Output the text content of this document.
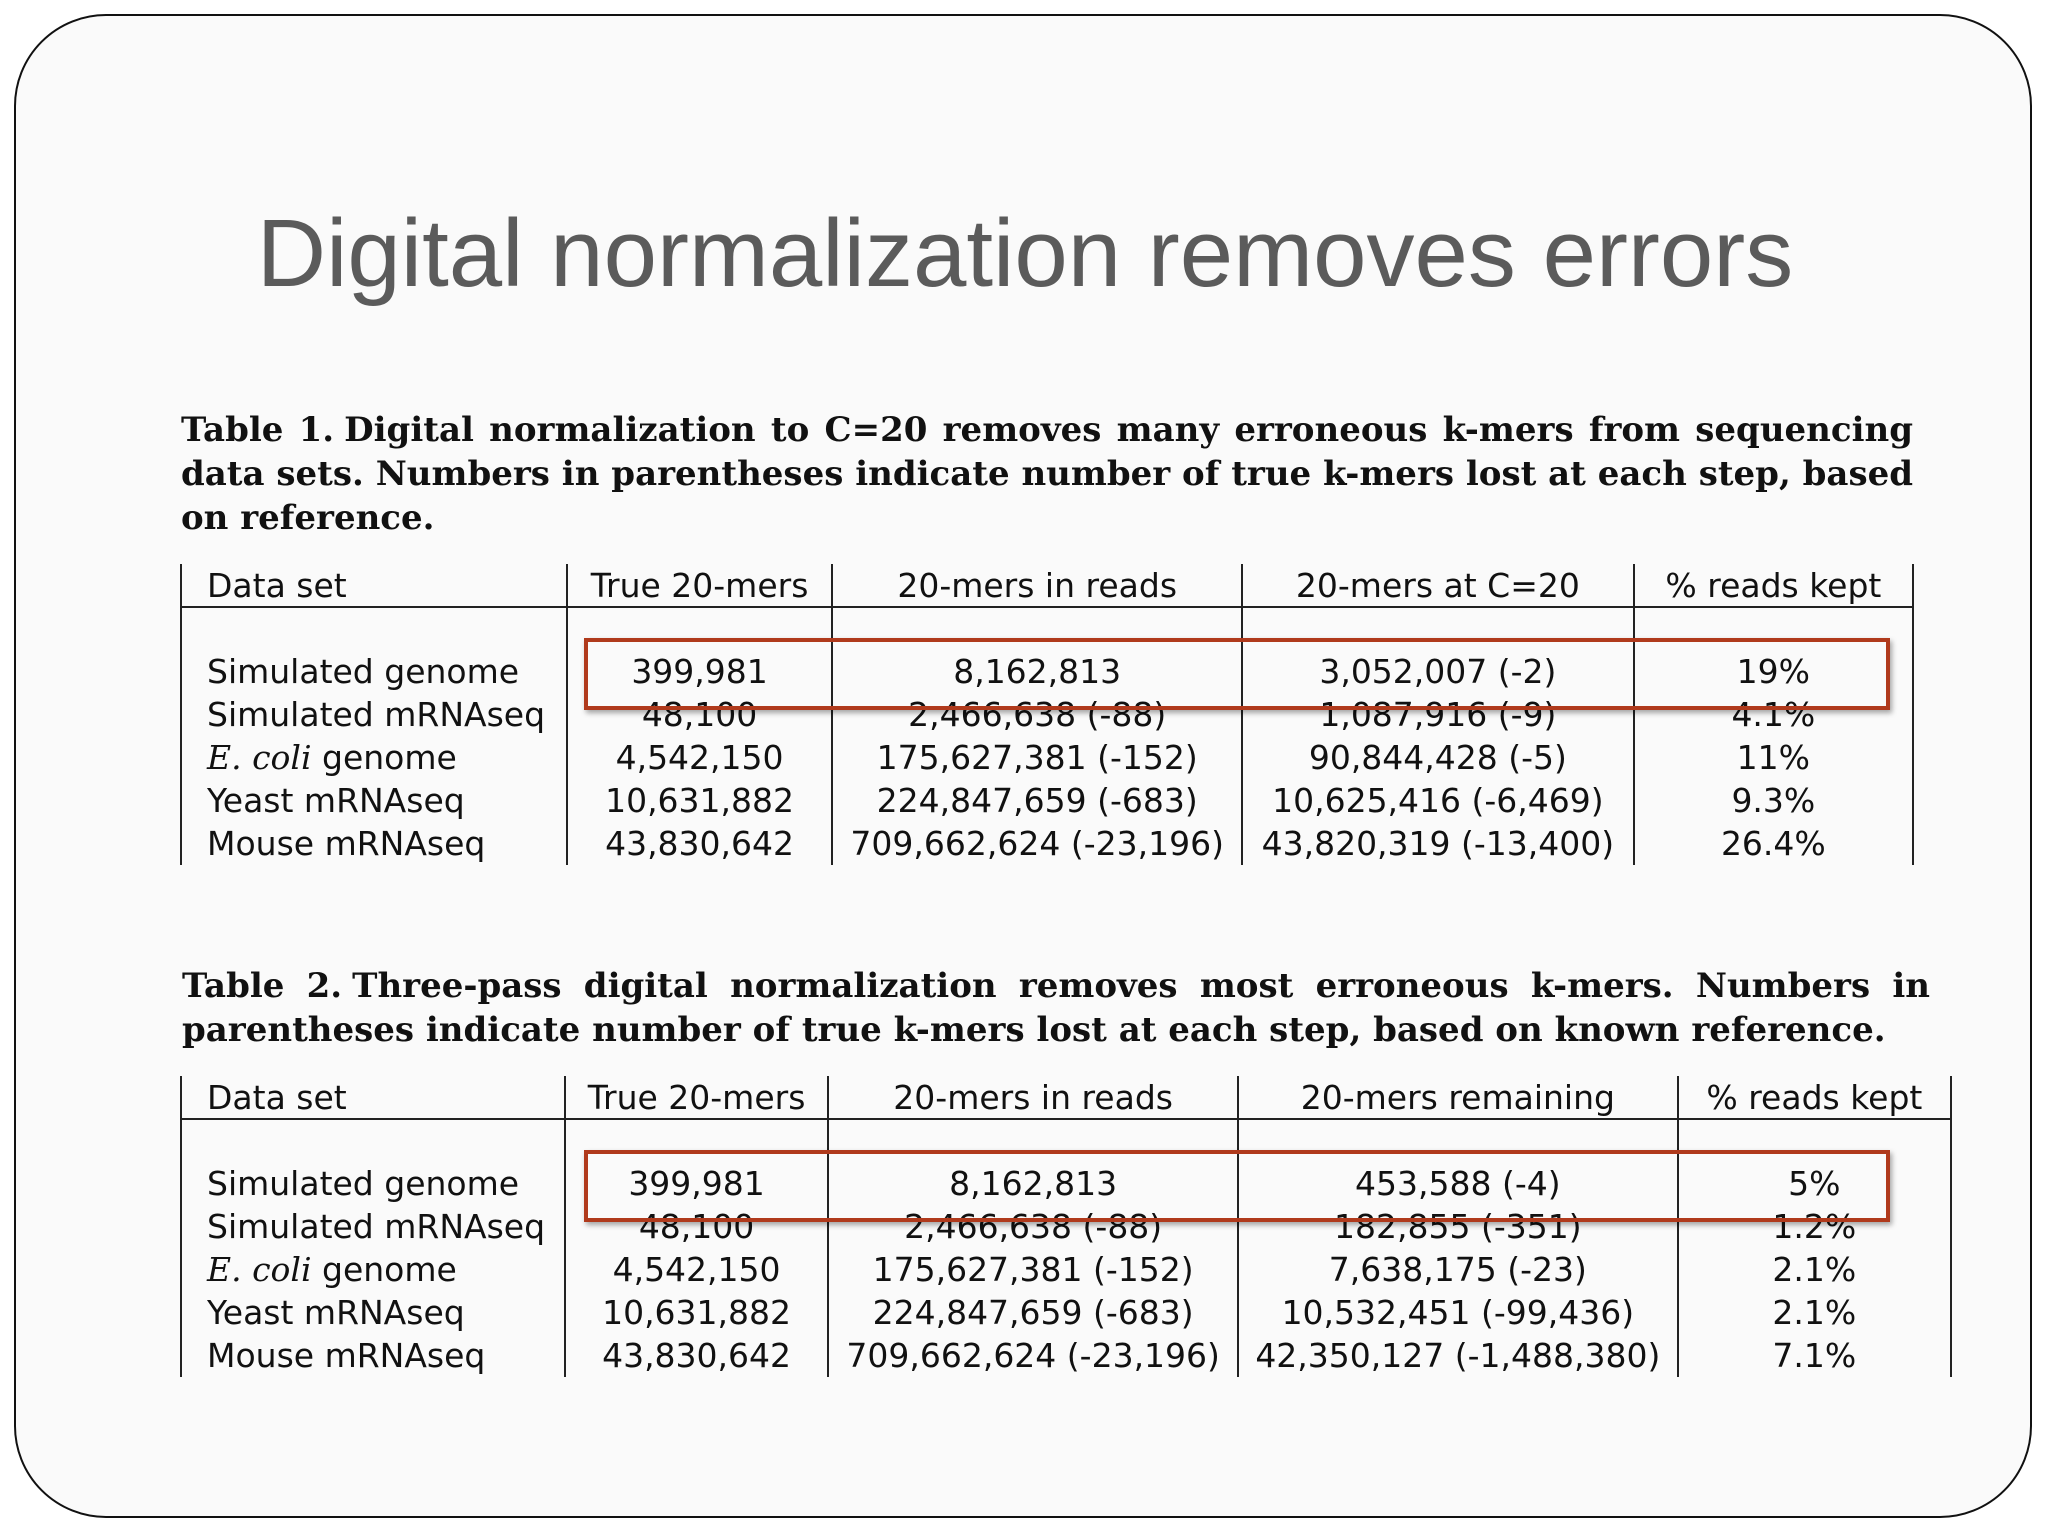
Digital normalization removes errors
Table 1. Digital normalization to C=20 removes many erroneous k-mers from sequencing data sets. Numbers in parentheses indicate number of true k-mers lost at each step, based on reference.
Data set	True 20-mers	20-mers in reads	20-mers at C=20	% reads kept

Simulated genome	399,981	8,162,813	3,052,007 (-2)	19%
Simulated mRNAseq	48,100	2,466,638 (-88)	1,087,916 (-9)	4.1%
E. coli genome	4,542,150	175,627,381 (-152)	90,844,428 (-5)	11%
Yeast mRNAseq	10,631,882	224,847,659 (-683)	10,625,416 (-6,469)	9.3%
Mouse mRNAseq	43,830,642	709,662,624 (-23,196)	43,820,319 (-13,400)	26.4%
Table 2. Three-pass digital normalization removes most erroneous k-mers. Numbers in parentheses indicate number of true k-mers lost at each step, based on known reference.
Data set	True 20-mers	20-mers in reads	20-mers remaining	% reads kept

Simulated genome	399,981	8,162,813	453,588 (-4)	5%
Simulated mRNAseq	48,100	2,466,638 (-88)	182,855 (-351)	1.2%
E. coli genome	4,542,150	175,627,381 (-152)	7,638,175 (-23)	2.1%
Yeast mRNAseq	10,631,882	224,847,659 (-683)	10,532,451 (-99,436)	2.1%
Mouse mRNAseq	43,830,642	709,662,624 (-23,196)	42,350,127 (-1,488,380)	7.1%
